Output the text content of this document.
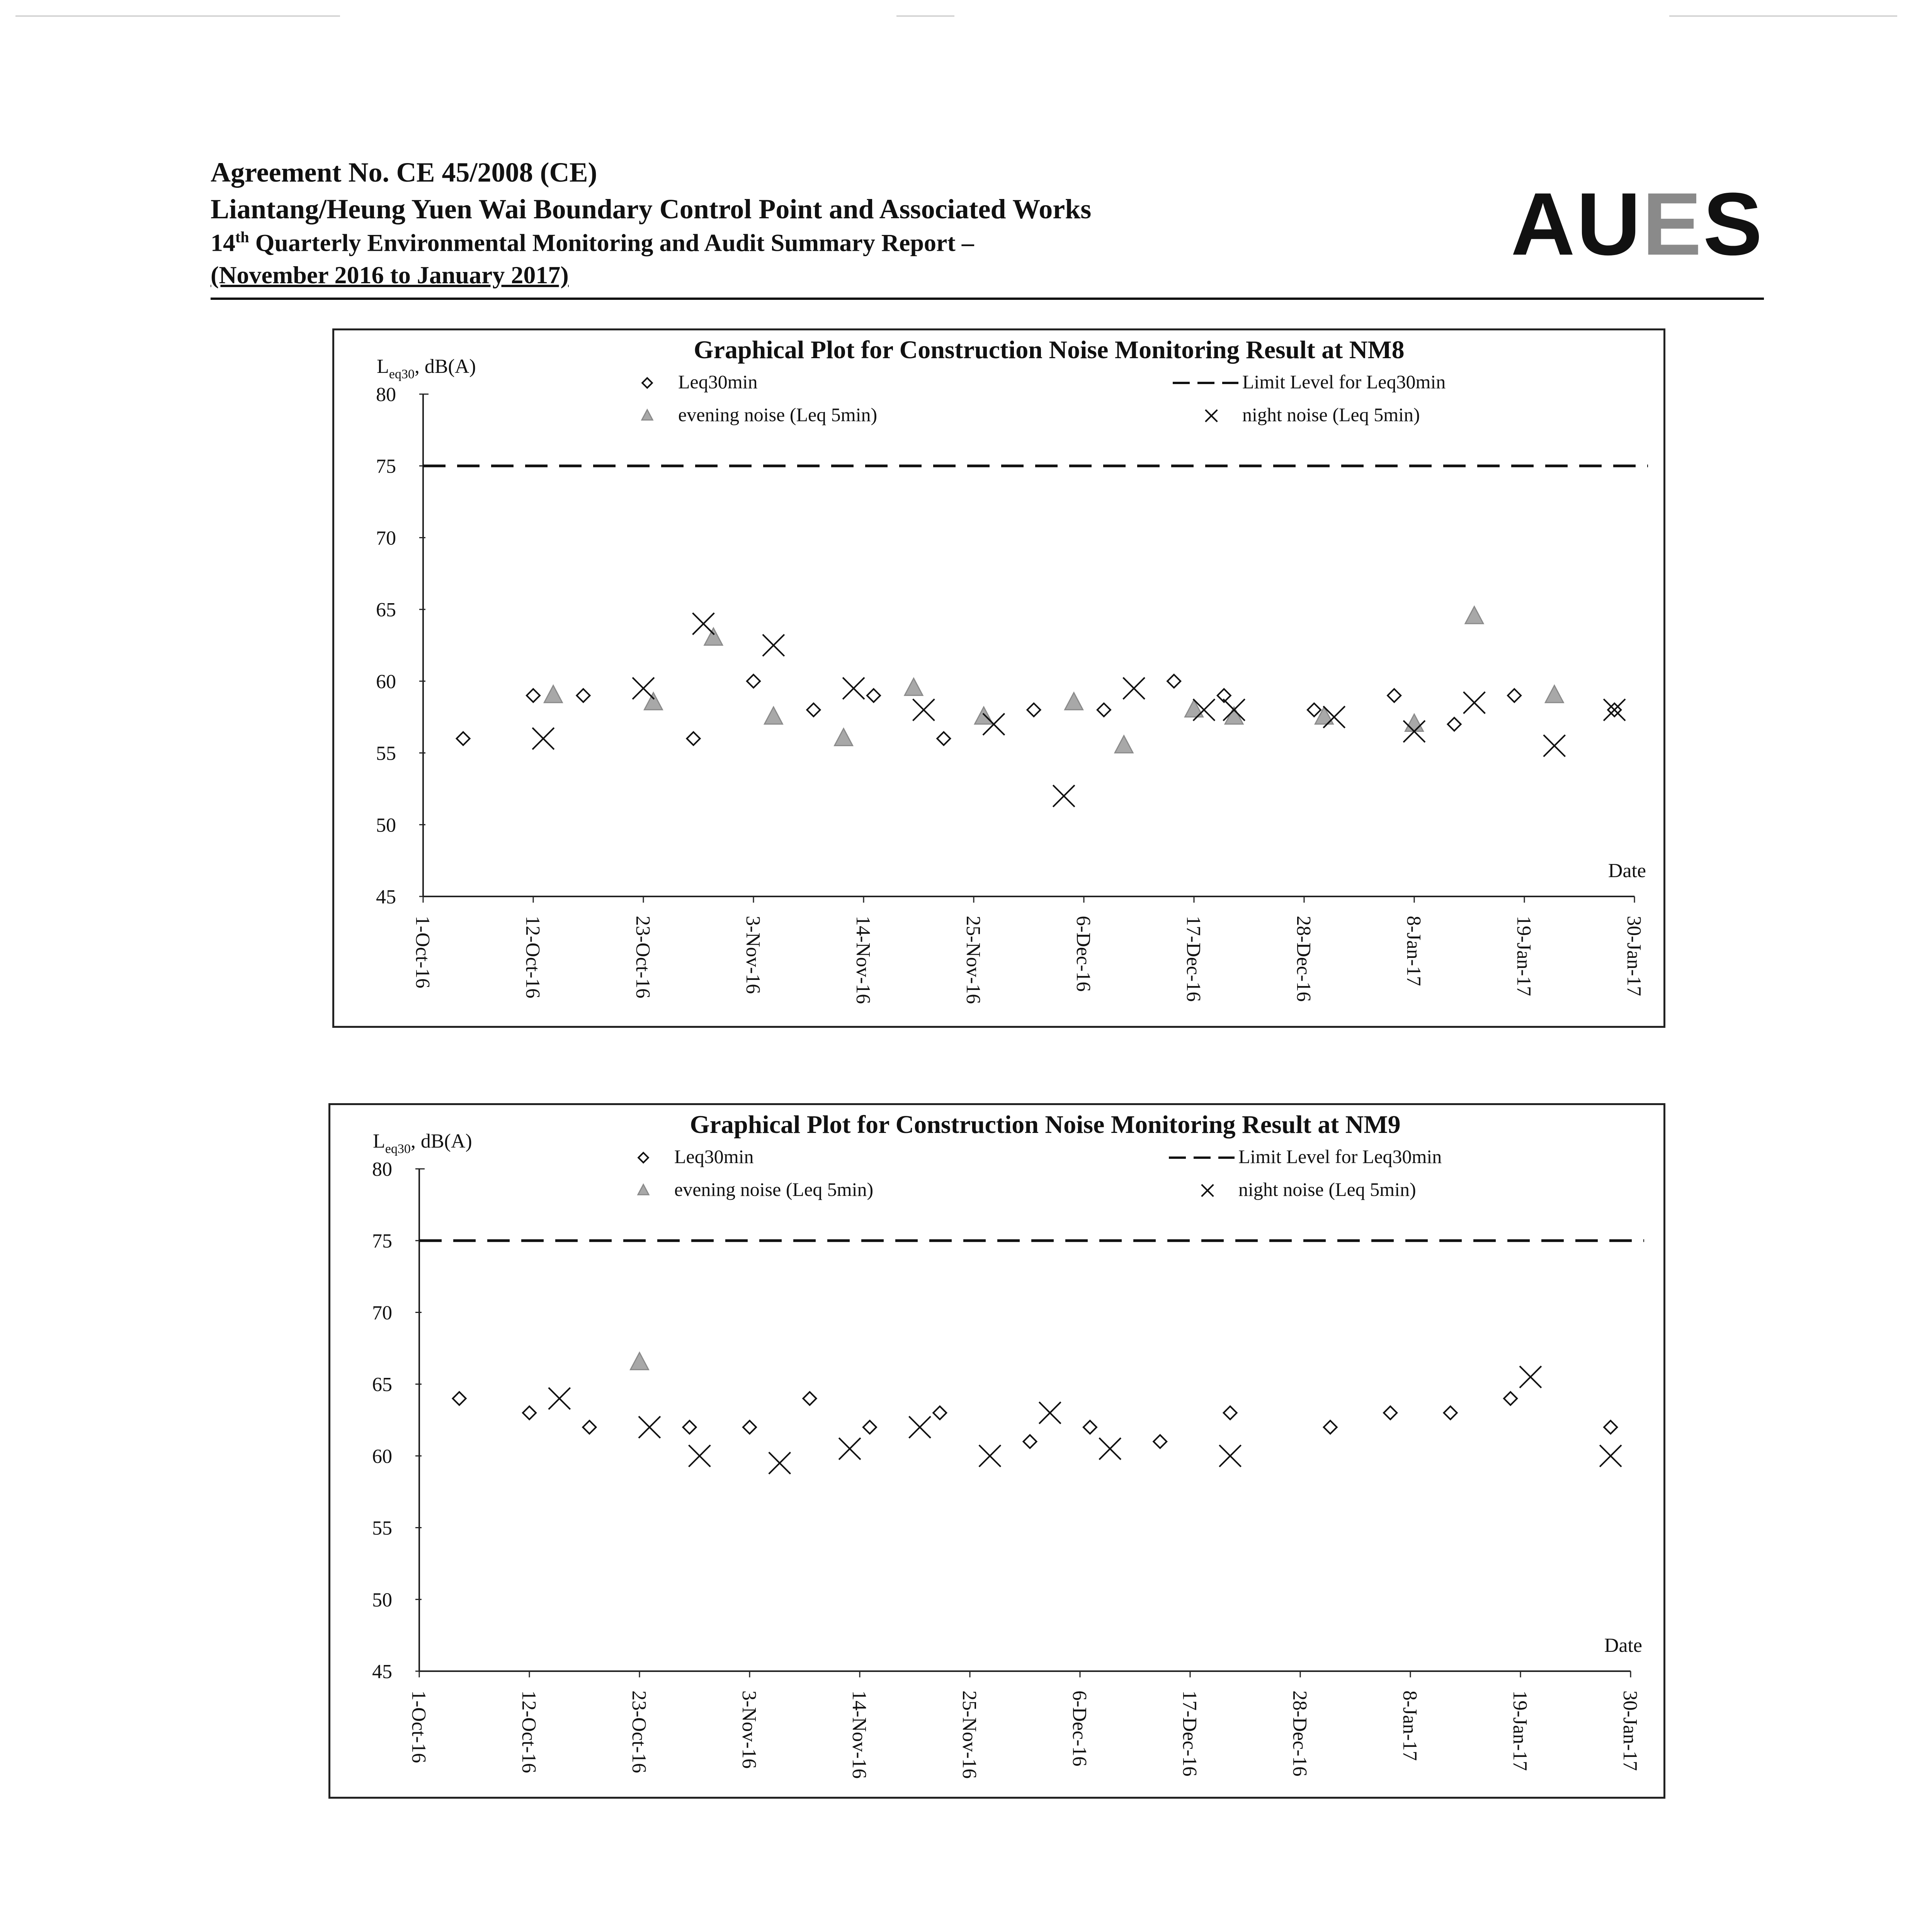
Agreement No. CE 45/2008 (CE)
Liantang/Heung Yuen Wai Boundary Control Point and Associated Works
14th Quarterly Environmental Monitoring and Audit Summary Report –
(November 2016 to January 2017)
AUES
Graphical Plot for Construction Noise Monitoring Result at NM8
$L_{eq30}$, dB(A)
45
50
55
60
65
70
75
80
1-Oct-16	12-Oct-16	23-Oct-16	3-Nov-16	14-Nov-16	25-Nov-16	6-Dec-16	17-Dec-16	28-Dec-16	8-Jan-17	19-Jan-17	30-Jan-17
Date
Leq30min
evening noise (Leq 5min)	night noise (Leq 5min)
Limit Level for Leq30min
Graphical Plot for Construction Noise Monitoring Result at NM9
$L_{eq30}$, dB(A)
45
50
55
60
65
70
75
80
1-Oct-16	12-Oct-16	23-Oct-16	3-Nov-16	14-Nov-16	25-Nov-16	6-Dec-16	17-Dec-16	28-Dec-16	8-Jan-17	19-Jan-17	30-Jan-17
Date
Leq30min
evening noise (Leq 5min)	night noise (Leq 5min)
Limit Level for Leq30min
